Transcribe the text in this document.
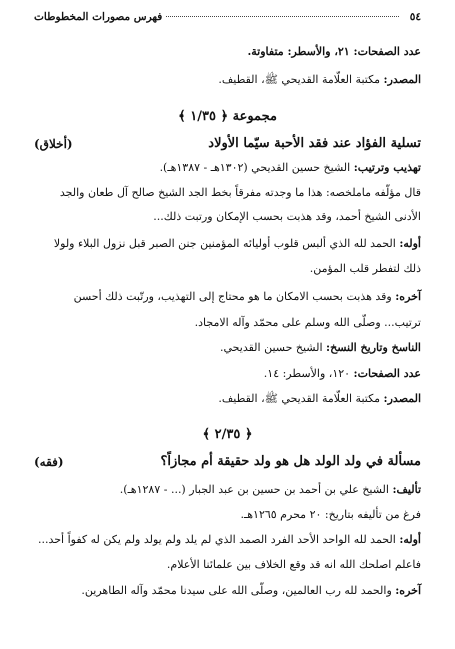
٥٤
فهرس مصورات المخطوطات
عدد الصفحات: ٢١، والأسطر: متفاوتة.
المصدر: مكتبة العلّامة القديحي ﷺ، القطيف.
مجموعة ﴿ ١/٣٥ ﴾
تسلية الفؤاد عند فقد الأحبة سيّما الأولاد
(أخلاق)
تهذيب وترتيب: الشيخ حسين القديحي (١٣٠٢هـ - ١٣٨٧هـ).
قال مؤلّفه ماملخصه: هذا ما وجدته مفرقاً بخط الجد الشيخ صالح آل طعان والجد
الأدنى الشيخ أحمد، وقد هذبت بحسب الإمكان ورتبت ذلك...
أوله: الحمد لله الذي ألبس قلوب أوليائه المؤمنين جنن الصبر قبل نزول البلاء ولولا
ذلك لتفطر قلب المؤمن.
آخره: وقد هذبت بحسب الامكان ما هو محتاج إلى التهذيب، ورتّبت ذلك أحسن
ترتيب... وصلّى الله وسلم على محمّد وآله الامجاد.
الناسخ وتاريخ النسخ: الشيخ حسين القديحي.
عدد الصفحات: ١٢٠، والأسطر: ١٤.
المصدر: مكتبة العلّامة القديحي ﷺ، القطيف.
﴿ ٢/٣٥ ﴾
مسألة في ولد الولد هل هو ولد حقيقة أم مجازاً؟
(فقه)
تأليف: الشيخ علي بن أحمد بن حسين بن عبد الجبار (... - ١٢٨٧هـ).
فرغ من تأليفه بتاريخ: ٢٠ محرم ١٢٦٥هـ.
أوله: الحمد لله الواحد الأحد الفرد الصمد الذي لم يلد ولم يولد ولم يكن له كفواً أحد...
فاعلم اصلحك الله انه قد وقع الخلاف بين علمائنا الأعلام.
آخره: والحمد لله رب العالمين، وصلّى الله على سيدنا محمّد وآله الطاهرين.
